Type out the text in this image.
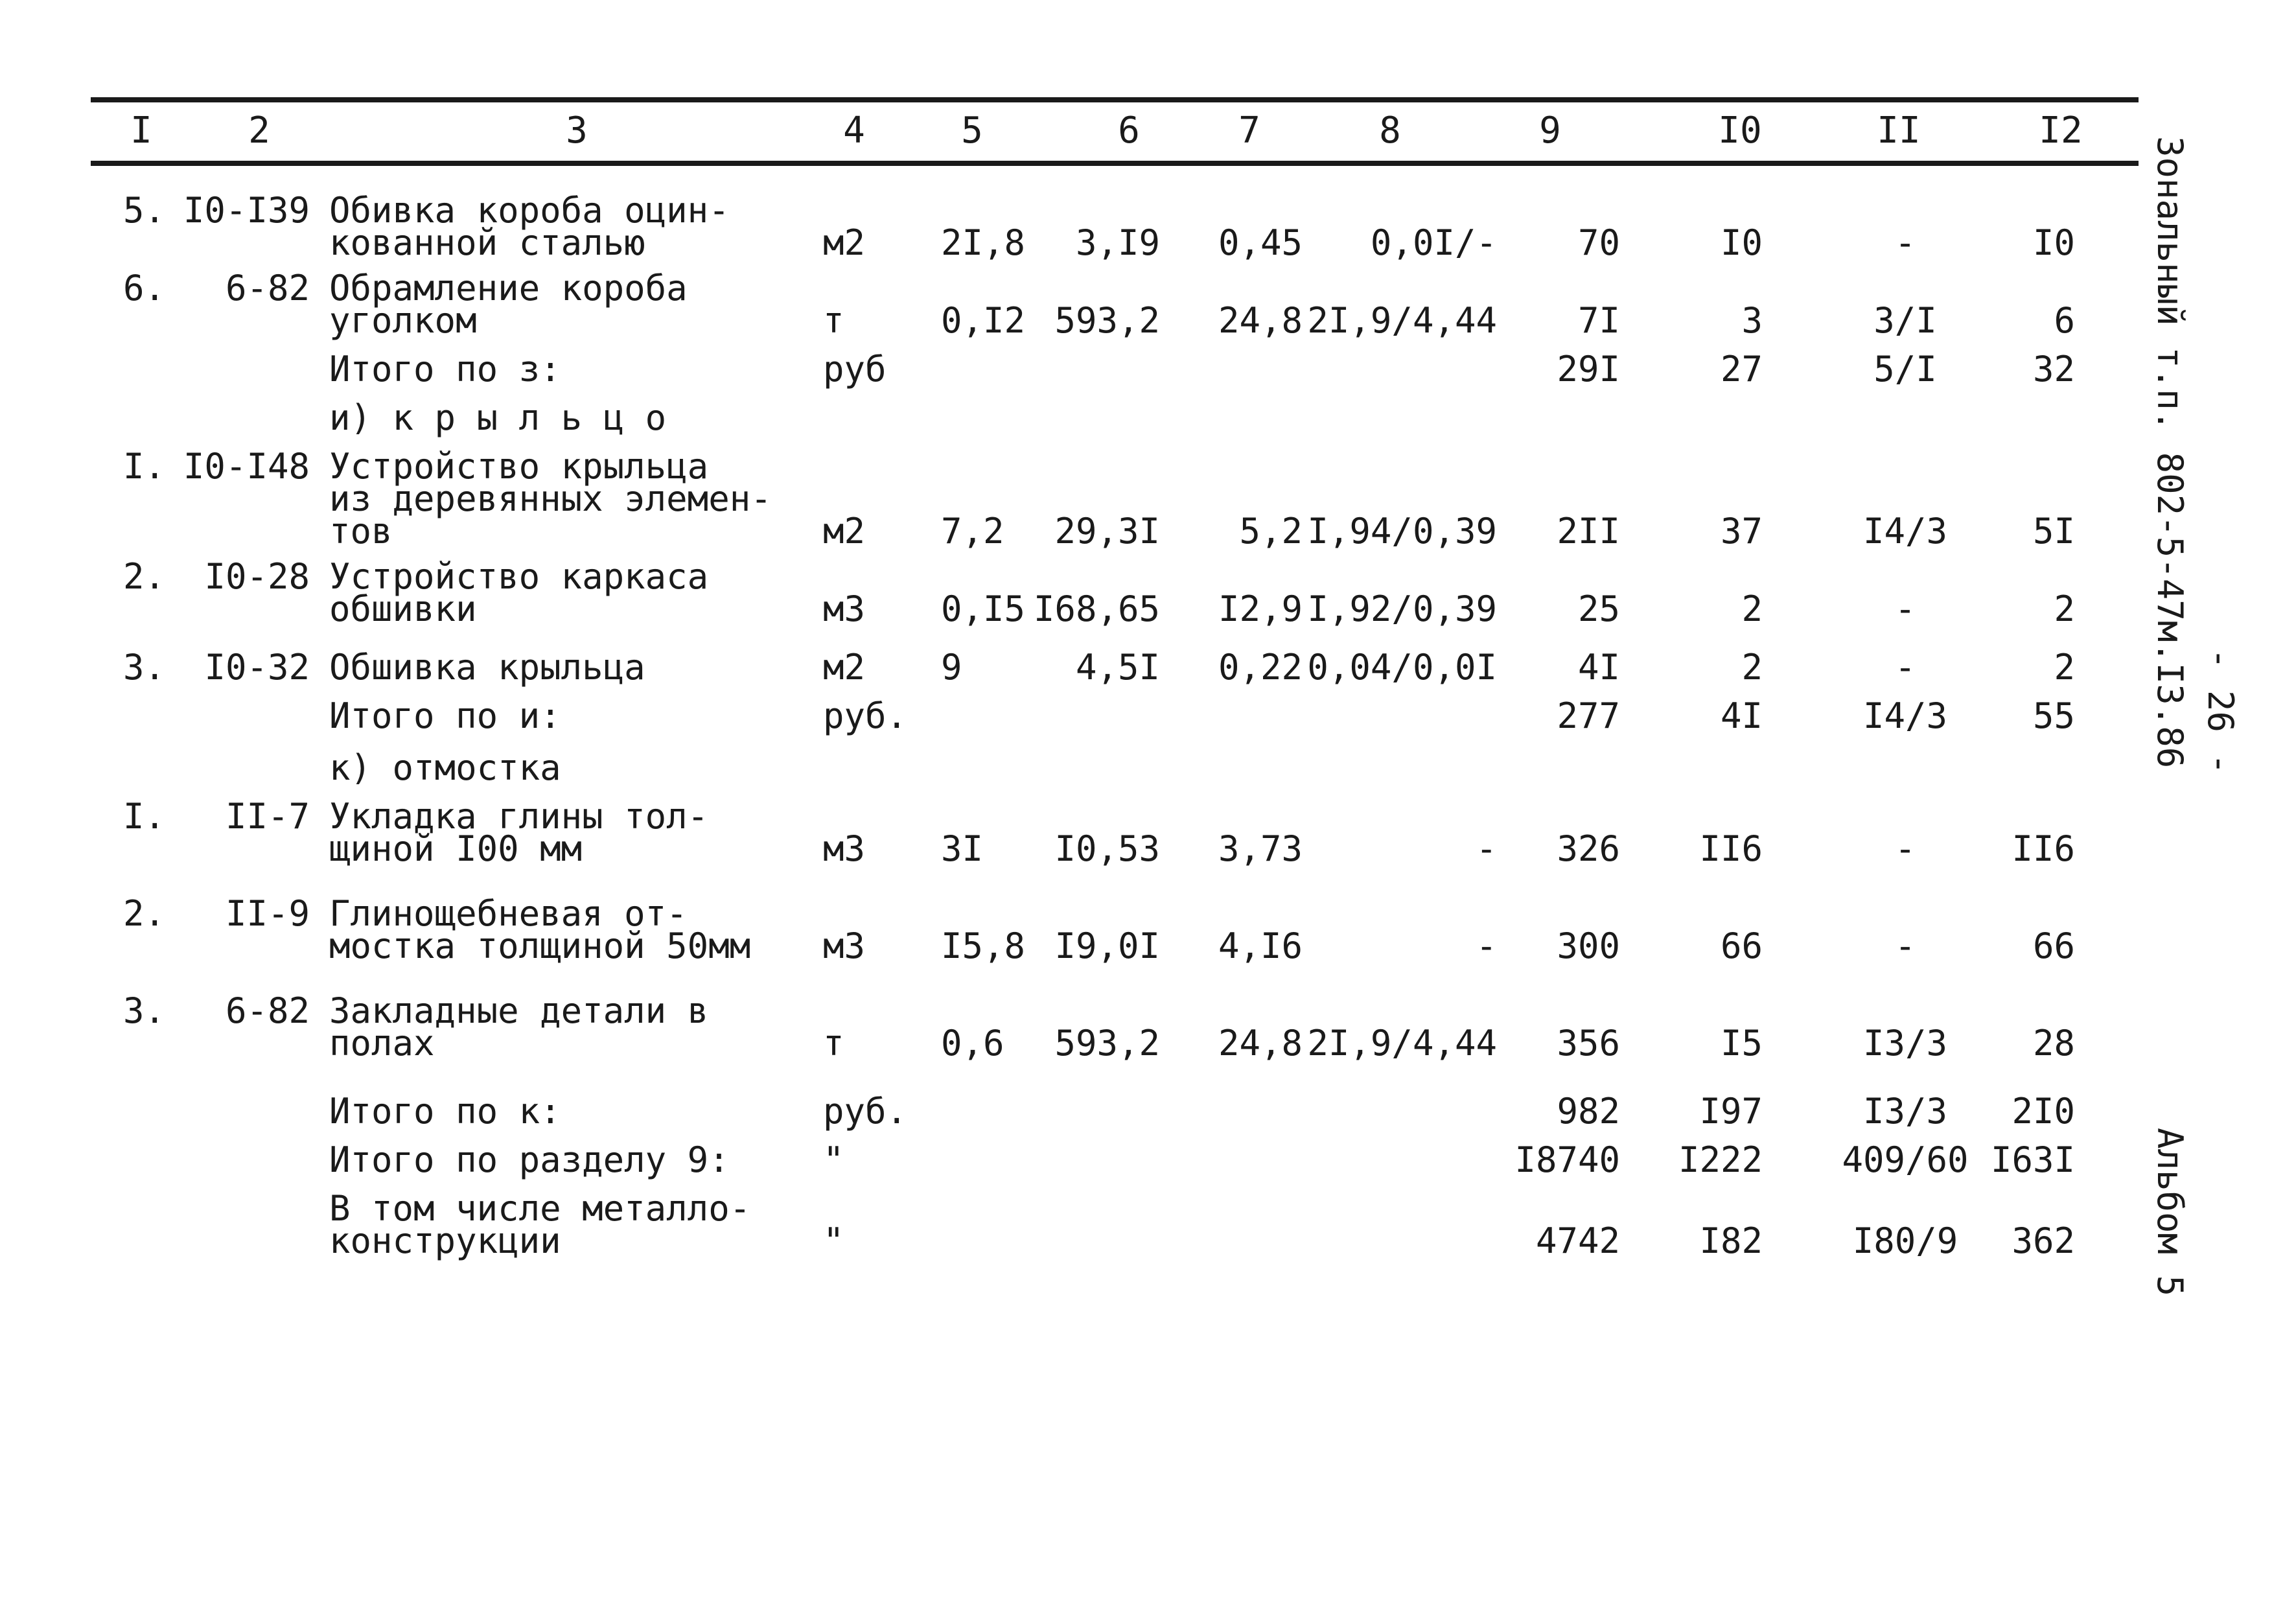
I	2	3	4	5	6	7	8	9	I0	II	I2
5. I0-I39 Обивка короба оцин-
кованной сталью	м2 2I,8	3,I9	0,45	0,0I/-	70	I0	-	I0
6.	6-82 Обрамление короба
уголком	т	0,I2 593,2	24,8 2I,9/4,44	7I	3	3/I	6
Итого по з:	руб	29I	27	5/I	32
и) к р ы л ь ц о
I. I0-I48 Устройство крыльца
из деревянных элемен-
тов	м2 7,2	29,3I	5,2 I,94/0,39	2II	37	I4/3	5I
2.	I0-28 Устройство каркаса
обшивки	м3 0,I5 I68,65	I2,9 I,92/0,39	25	2	-	2
3.	I0-32 Обшивка крыльца	м2 9	4,5I	0,22 0,04/0,0I	4I	2	-	2
Итого по и:	руб.	277	4I	I4/3	55
к) отмостка
I.	II-7 Укладка глины тол-
щиной I00 мм	м3 3I	I0,53	3,73	-	326	II6	-	II6
2.	II-9 Глинощебневая от-
мостка толщиной 50мм м3 I5,8 I9,0I	4,I6	-	300	66	-	66
3.	6-82 Закладные детали в
полах	т	0,6	593,2	24,8 2I,9/4,44	356	I5	I3/3	28
Итого по к:	руб.	982	I97	I3/3	2I0
Итого по разделу 9:	"	I8740	I222	409/60 I63I
В том числе металло-
конструкции	"	4742	I82	I80/9	362
Зональный т.п. 802-5-47м.I3.86 - 26 -
Альбом 5
